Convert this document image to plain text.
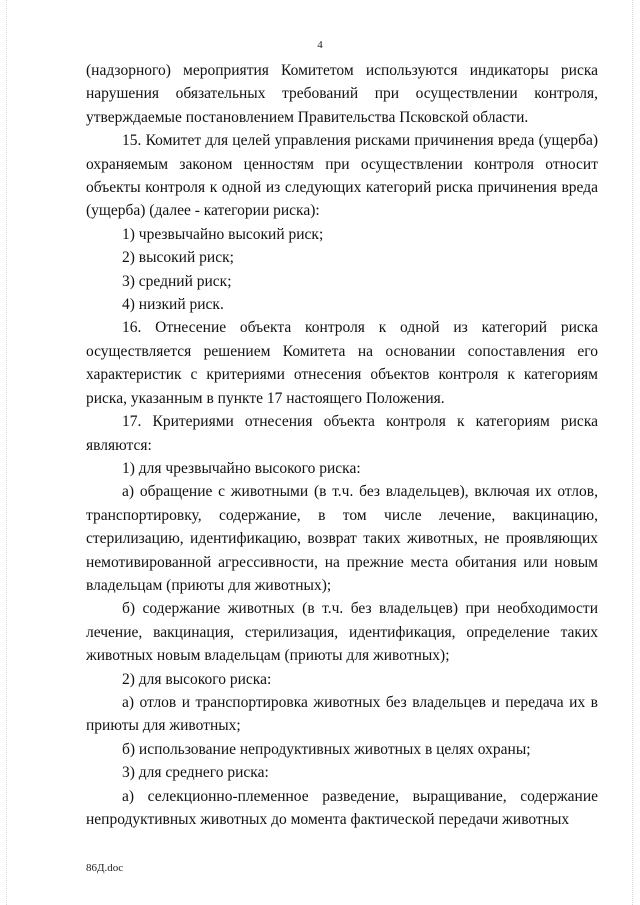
4

(надзорного) мероприятия Комитетом используются индикаторы риска нарушения обязательных требований при осуществлении контроля, утверждаемые постановлением Правительства Псковской области.

15. Комитет для целей управления рисками причинения вреда (ущерба) охраняемым законом ценностям при осуществлении контроля относит объекты контроля к одной из следующих категорий риска причинения вреда (ущерба) (далее - категории риска):

1) чрезвычайно высокий риск;

2) высокий риск;

3) средний риск;

4) низкий риск.

16. Отнесение объекта контроля к одной из категорий риска осуществляется решением Комитета на основании сопоставления его характеристик с критериями отнесения объектов контроля к категориям риска, указанным в пункте 17 настоящего Положения.

17. Критериями отнесения объекта контроля к категориям риска являются:

1) для чрезвычайно высокого риска:

а) обращение с животными (в т.ч. без владельцев), включая их отлов, транспортировку, содержание, в том числе лечение, вакцинацию, стерилизацию, идентификацию, возврат таких животных, не проявляющих немотивированной агрессивности, на прежние места обитания или новым владельцам (приюты для животных);

б) содержание животных (в т.ч. без владельцев) при необходимости лечение, вакцинация, стерилизация, идентификация, определение таких животных новым владельцам (приюты для животных);

2) для высокого риска:

а) отлов и транспортировка животных без владельцев и передача их в приюты для животных;

б) использование непродуктивных животных в целях охраны;

3) для среднего риска:

а) селекционно-племенное разведение, выращивание, содержание непродуктивных животных до момента фактической передачи животных

86Д.doc
